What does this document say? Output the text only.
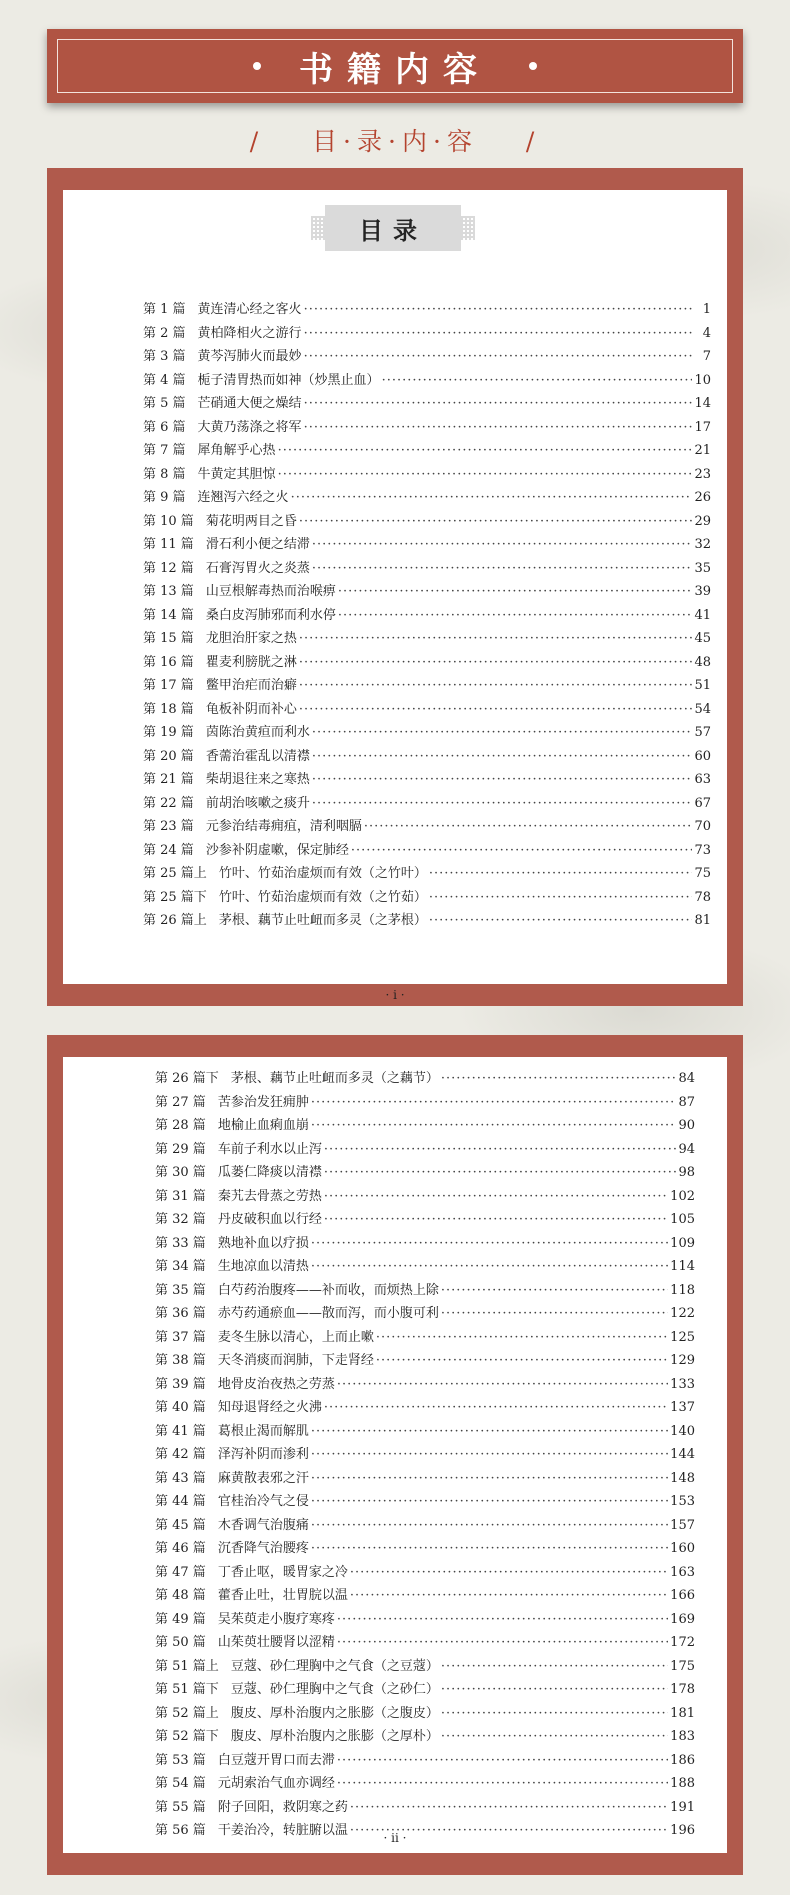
书籍内容
/ 目·录·内·容 /
目录
第 1 篇 黄连清心经之客火 ·····	1
第 2 篇 黄柏降相火之游行 ·····	4
第 3 篇 黄芩泻肺火而最妙 ·····	7
第 4 篇 栀子清胃热而如神（炒黑止血） ·····	10
第 5 篇 芒硝通大便之燥结 ·····	14
第 6 篇 大黄乃荡涤之将军 ·····	17
第 7 篇 犀角解乎心热 ·····	21
第 8 篇 牛黄定其胆惊 ·····	23
第 9 篇 连翘泻六经之火 ·····	26
第 10 篇 菊花明两目之昏 ·····	29
第 11 篇 滑石利小便之结滞 ·····	32
第 12 篇 石膏泻胃火之炎蒸 ·····	35
第 13 篇 山豆根解毒热而治喉痹 ·····	39
第 14 篇 桑白皮泻肺邪而利水停 ·····	41
第 15 篇 龙胆治肝家之热 ·····	45
第 16 篇 瞿麦利膀胱之淋 ·····	48
第 17 篇 鳖甲治疟而治癖 ·····	51
第 18 篇 龟板补阴而补心 ·····	54
第 19 篇 茵陈治黄疸而利水 ·····	57
第 20 篇 香薷治霍乱以清襟 ·····	60
第 21 篇 柴胡退往来之寒热 ·····	63
第 22 篇 前胡治咳嗽之痰升 ·····	67
第 23 篇 元参治结毒痈疽，清利咽膈 ·····	70
第 24 篇 沙参补阴虚嗽，保定肺经 ·····	73
第 25 篇上 竹叶、竹茹治虚烦而有效（之竹叶） ·····	75
第 25 篇下 竹叶、竹茹治虚烦而有效（之竹茹） ·····	78
第 26 篇上 茅根、藕节止吐衄而多灵（之茅根） ·····	81
· i ·
第 26 篇下 茅根、藕节止吐衄而多灵（之藕节） ·····	84
第 27 篇 苦参治发狂痈肿 ·····	87
第 28 篇 地榆止血痢血崩 ·····	90
第 29 篇 车前子利水以止泻 ·····	94
第 30 篇 瓜蒌仁降痰以清襟 ·····	98
第 31 篇 秦艽去骨蒸之劳热 ·····	102
第 32 篇 丹皮破积血以行经 ·····	105
第 33 篇 熟地补血以疗损 ·····	109
第 34 篇 生地凉血以清热 ·····	114
第 35 篇 白芍药治腹疼——补而收，而烦热上除 ·····	118
第 36 篇 赤芍药通瘀血——散而泻，而小腹可利 ·····	122
第 37 篇 麦冬生脉以清心，上而止嗽 ·····	125
第 38 篇 天冬消痰而润肺，下走肾经 ·····	129
第 39 篇 地骨皮治夜热之劳蒸 ·····	133
第 40 篇 知母退肾经之火沸 ·····	137
第 41 篇 葛根止渴而解肌 ·····	140
第 42 篇 泽泻补阴而渗利 ·····	144
第 43 篇 麻黄散表邪之汗 ·····	148
第 44 篇 官桂治冷气之侵 ·····	153
第 45 篇 木香调气治腹痛 ·····	157
第 46 篇 沉香降气治腰疼 ·····	160
第 47 篇 丁香止呕，暖胃家之冷 ·····	163
第 48 篇 藿香止吐，壮胃脘以温 ·····	166
第 49 篇 吴茱萸走小腹疗寒疼 ·····	169
第 50 篇 山茱萸壮腰肾以涩精 ·····	172
第 51 篇上 豆蔻、砂仁理胸中之气食（之豆蔻） ·····	175
第 51 篇下 豆蔻、砂仁理胸中之气食（之砂仁） ·····	178
第 52 篇上 腹皮、厚朴治腹内之胀膨（之腹皮） ·····	181
第 52 篇下 腹皮、厚朴治腹内之胀膨（之厚朴） ·····	183
第 53 篇 白豆蔻开胃口而去滞 ·····	186
第 54 篇 元胡索治气血亦调经 ·····	188
第 55 篇 附子回阳，救阴寒之药 ·····	191
第 56 篇 干姜治冷，转脏腑以温 ·····	196
· ii ·
